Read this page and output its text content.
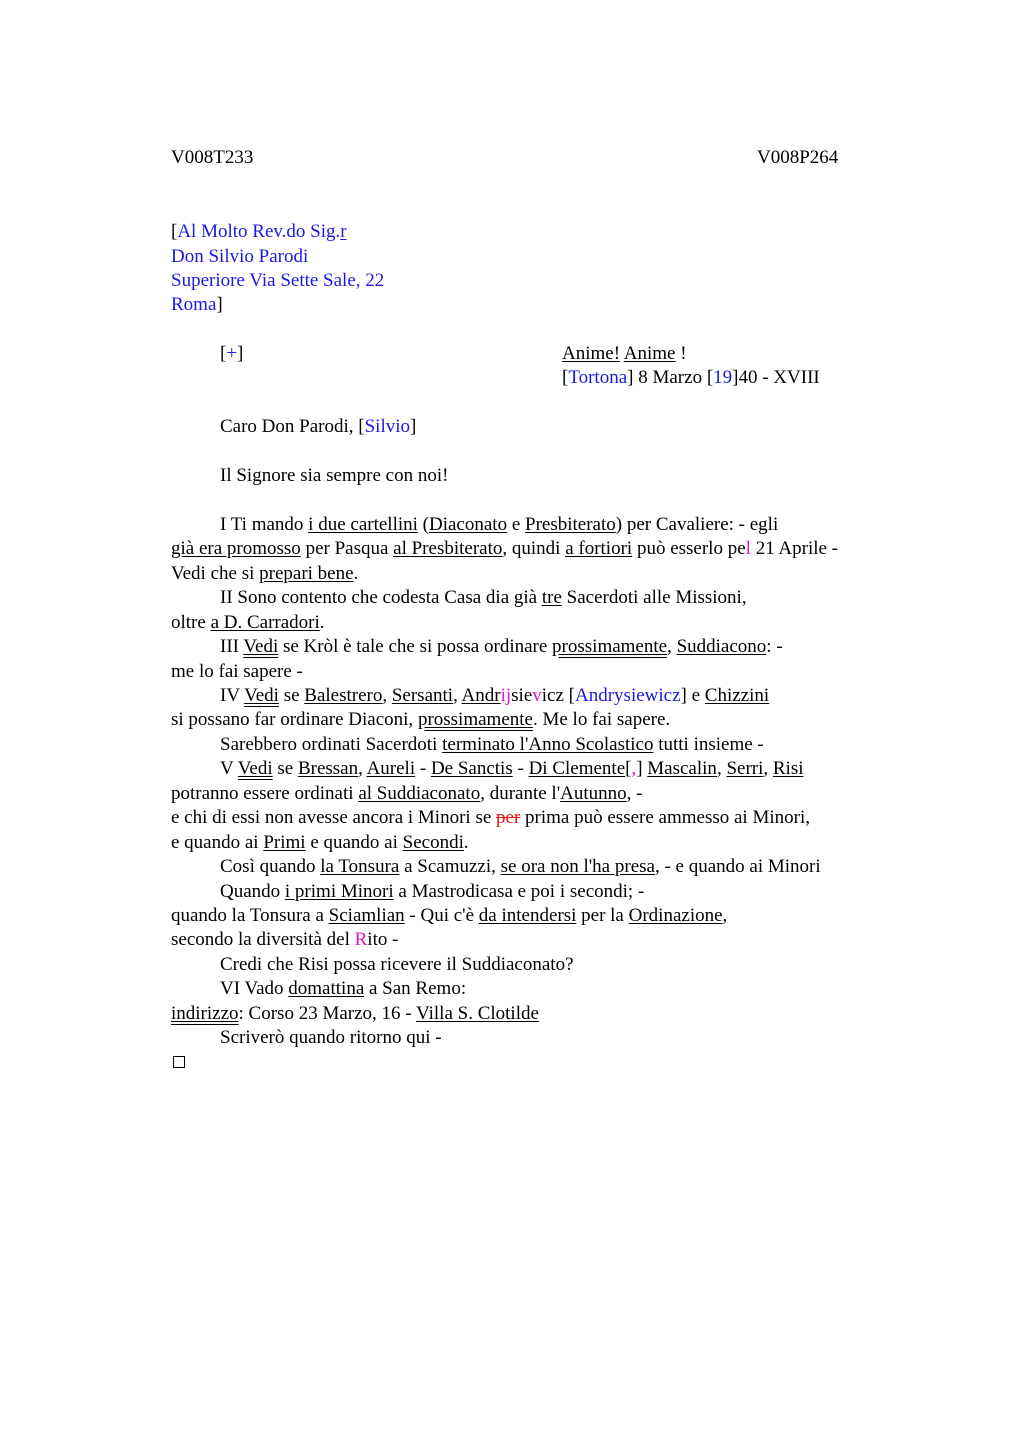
V008T233	V008P264
[Al Molto Rev.do Sig.r
Don Silvio Parodi
Superiore Via Sette Sale, 22
Roma]
[+]	Anime! Anime !
[Tortona] 8 Marzo [19]40 - XVIII
Caro Don Parodi, [Silvio]
Il Signore sia sempre con noi!
I Ti mando i due cartellini (Diaconato e Presbiterato) per Cavaliere: - egli
già era promosso per Pasqua al Presbiterato, quindi a fortiori può esserlo pel 21 Aprile -
Vedi che si prepari bene.
II Sono contento che codesta Casa dia già tre Sacerdoti alle Missioni,
oltre a D. Carradori.
III Vedi se Kròl è tale che si possa ordinare prossimamente, Suddiacono: -
me lo fai sapere -
IV Vedi se Balestrero, Sersanti, Andrijsievicz [Andrysiewicz] e Chizzini
si possano far ordinare Diaconi, prossimamente. Me lo fai sapere.
Sarebbero ordinati Sacerdoti terminato l'Anno Scolastico tutti insieme -
V Vedi se Bressan, Aureli - De Sanctis - Di Clemente[,] Mascalin, Serri, Risi
potranno essere ordinati al Suddiaconato, durante l'Autunno, -
e chi di essi non avesse ancora i Minori se per prima può essere ammesso ai Minori,
e quando ai Primi e quando ai Secondi.
Così quando la Tonsura a Scamuzzi, se ora non l'ha presa, - e quando ai Minori
Quando i primi Minori a Mastrodicasa e poi i secondi; -
quando la Tonsura a Sciamlian - Qui c'è da intendersi per la Ordinazione,
secondo la diversità del Rito -
Credi che Risi possa ricevere il Suddiaconato?
VI Vado domattina a San Remo:
indirizzo: Corso 23 Marzo, 16 - Villa S. Clotilde
Scriverò quando ritorno qui -
